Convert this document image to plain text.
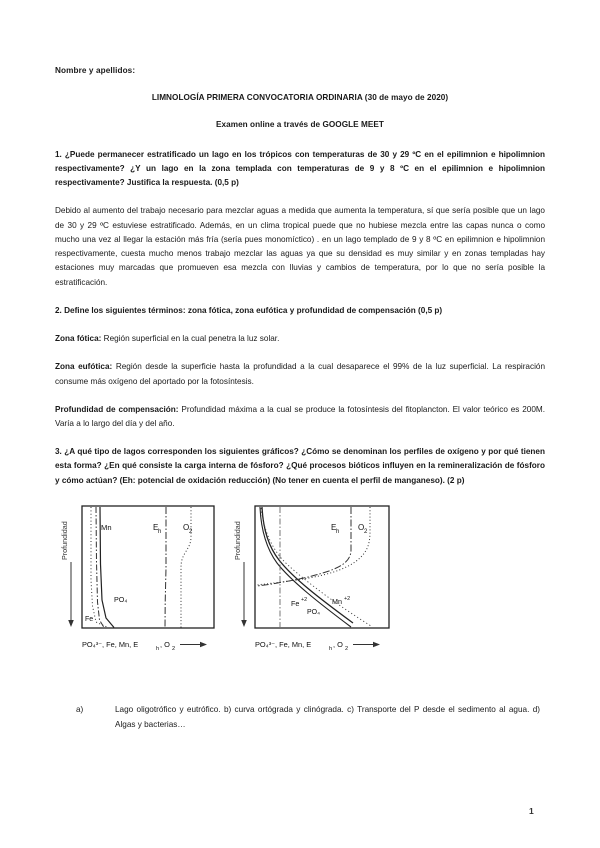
Nombre y apellidos:
LIMNOLOGÍA PRIMERA CONVOCATORIA ORDINARIA (30 de mayo de 2020)
Examen online a través de GOOGLE MEET
1. ¿Puede permanecer estratificado un lago en los trópicos con temperaturas de 30 y 29 ºC en el epilimnion e hipolimnion respectivamente? ¿Y un lago en la zona templada con temperaturas de 9 y 8 ºC en el epilimnion e hipolimnion respectivamente? Justifica la respuesta. (0,5 p)
Debido al aumento del trabajo necesario para mezclar aguas a medida que aumenta la temperatura, sí que sería posible que un lago de 30 y 29 ºC estuviese estratificado. Además, en un clima tropical puede que no hubiese mezcla entre las capas nunca o como mucho una vez al llegar la estación más fría (sería pues monomíctico) . en un lago templado de 9 y 8 ºC en epilimnion e hipolimnion respectivamente, cuesta mucho menos trabajo mezclar las aguas ya que su densidad es muy similar y en zonas templadas hay estaciones muy marcadas que promueven esa mezcla con lluvias y cambios de temperatura, por lo que no sería posible la estratificación.
2. Define los siguientes términos: zona fótica, zona eufótica y profundidad de compensación (0,5 p)
Zona fótica: Región superficial en la cual penetra la luz solar.
Zona eufótica: Región desde la superficie hasta la profundidad a la cual desaparece el 99% de la luz superficial. La respiración consume más oxígeno del aportado por la fotosíntesis.
Profundidad de compensación: Profundidad máxima a la cual se produce la fotosíntesis del fitoplancton. El valor teórico es 200M. Varía a lo largo del día y del año.
3. ¿A qué tipo de lagos corresponden los siguientes gráficos? ¿Cómo se denominan los perfiles de oxígeno y por qué tienen esta forma? ¿En qué consiste la carga interna de fósforo? ¿Qué procesos bióticos influyen en la remineralización de fósforo y cómo actúan? (Eh: potencial de oxidación reducción) (No tener en cuenta el perfil de manganeso). (2 p)
Profundidad	Mn
PO₄
Fe
E h	O 2
PO₄³⁻, Fe, Mn, E	h , O 2
Profundidad	E h O 2
Fe +2
PO₄
Mn +2
PO₄³⁻, Fe, Mn, E	h , O 2
a)	Lago oligotrófico y eutrófico. b) curva ortógrada y clinógrada. c) Transporte del P desde el sedimento al agua. d) Algas y bacterias…
1
